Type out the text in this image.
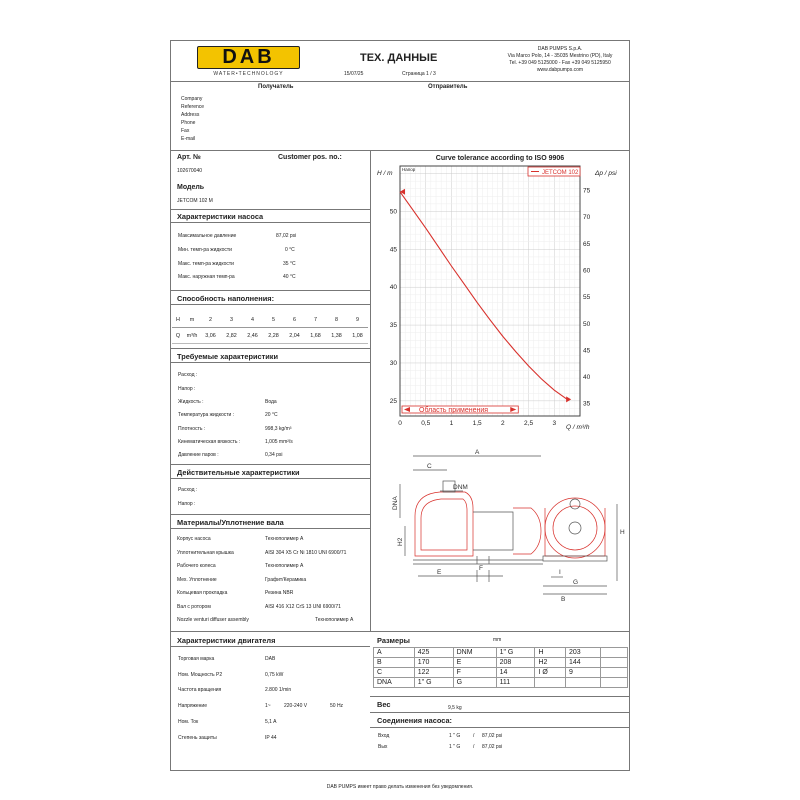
DAB
WATER•TECHNOLOGY
ТЕХ. ДАННЫЕ
15/07/25	Страница 1 / 3
DAB PUMPS S.p.A.
Via Marco Polo, 14 - 35035 Mestrino (PD), Italy
Tel. +39 049 5125000 - Fax +39 049 5125950
www.dabpumps.com
Получатель	Отправитель
Company
Reference
Address
Phone
Fax
E-mail
Арт. №	Customer pos. no.:
102670040
Модель
JETCOM 102 M
Характеристики насоса
Максимальное давление	87,02 psi
Мин. темп-ра жидкости	0 °C
Макс. темп-ра жидкости	35 °C
Макс. наружная темп-ра	40 °C
Способность наполнения:
H	m	2	3	4	5	6	7	8	9
Q	m³/h	3,06	2,82	2,46	2,28	2,04	1,68	1,38	1,08
Требуемые характеристики
Расход :
Напор :
Жидкость :	Вода
Температура жидкости :	20 °C
Плотность :	998,3 kg/m³
Кинематическая вязкость :	1,005 mm²/s
Давление паров :	0,34 psi
Действительные характеристики
Расход :
Напор :
Материалы/Уплотнение вала
Корпус насоса	Технополимер A
Уплотнительная крышка	AISI 304 X5 Cr Ni 1810 UNI 6900/71
Рабочего колеса	Технополимер A
Мех. Уплотнение	Графит/Керамика
Кольцевая прокладка	Резина NBR
Вал с ротором	AISI 416 X12 CrS 13 UNI 6900/71
Nozzle venturi diffuser assembly	Технополимер A
Характеристики двигателя
Торговая марка	DAB
Ном. Мощность P2	0,75 kW
Частота вращения	2.800 1/min
Напряжение	1~	220-240 V	50 Hz
Ном. Ток	5,1 A
Степень защиты	IP 44
Размеры	mm
A	425	DNM	1" G	H	203	
B	170	E	208	H2	144	
C	122	F	14	I Ø	9	
DNA	1" G	G	111			
Вес	9,5 kg
Соединения насоса:
Вход	1 " G	/ 87,02 psi
Вых	1 " G	/ 87,02 psi
DAB PUMPS имеет право делать изменения без уведомления.
Curve tolerance according to ISO 9906
H / m	Δp / psi
Q / m³/h
25
30
35
40
45
50
35
40
45
50
55
60
65
70
75
0	0,5	1	1,5	2	2,5	3
Напор
JETCOM 102
Область применения
A
C
DNM
DNA
H2
E
F
H
I
G
B
